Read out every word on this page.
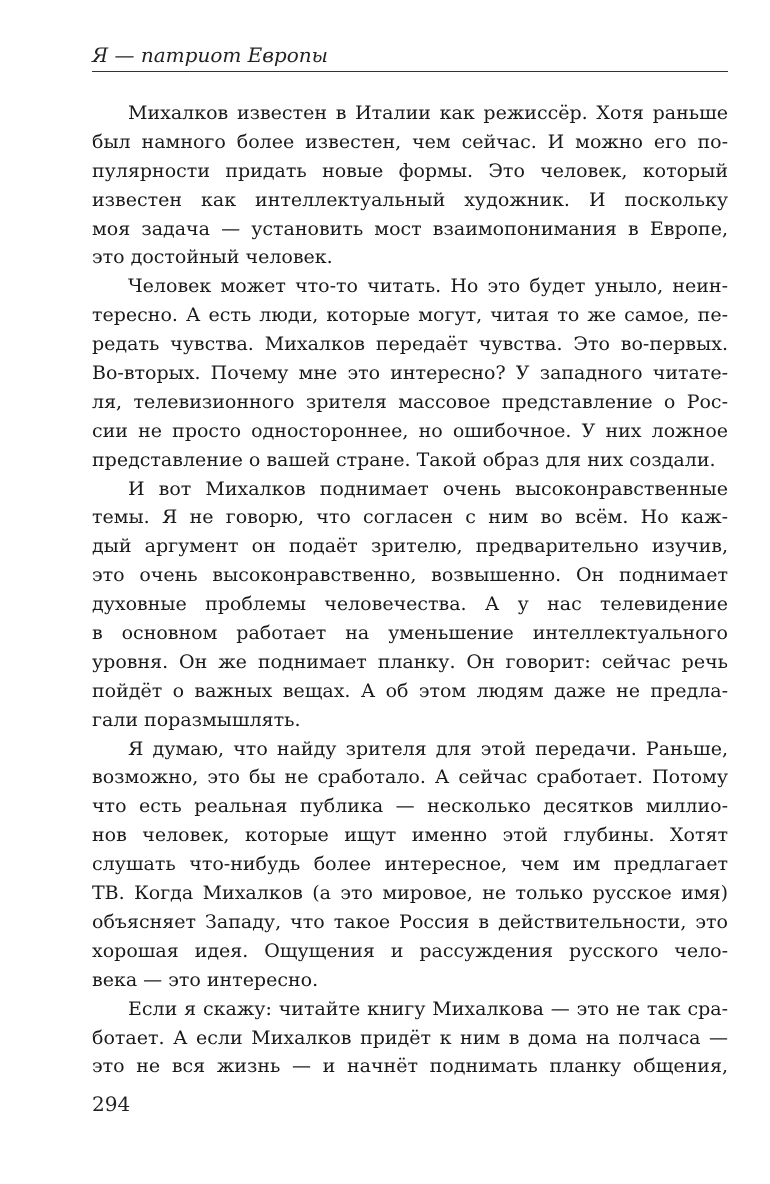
Я — патриот Европы
Михалков известен в Италии как режиссёр. Хотя раньше
был намного более известен, чем сейчас. И можно его по-
пулярности придать новые формы. Это человек, который
известен как интеллектуальный художник. И поскольку
моя задача — установить мост взаимопонимания в Европе,
это достойный человек.
Человек может что-то читать. Но это будет уныло, неин-
тересно. А есть люди, которые могут, читая то же самое, пе-
редать чувства. Михалков передаёт чувства. Это во-первых.
Во-вторых. Почему мне это интересно? У западного читате-
ля, телевизионного зрителя массовое представление о Рос-
сии не просто одностороннее, но ошибочное. У них ложное
представление о вашей стране. Такой образ для них создали.
И вот Михалков поднимает очень высоконравственные
темы. Я не говорю, что согласен с ним во всём. Но каж-
дый аргумент он подаёт зрителю, предварительно изучив,
это очень высоконравственно, возвышенно. Он поднимает
духовные проблемы человечества. А у нас телевидение
в основном работает на уменьшение интеллектуального
уровня. Он же поднимает планку. Он говорит: сейчас речь
пойдёт о важных вещах. А об этом людям даже не предла-
гали поразмышлять.
Я думаю, что найду зрителя для этой передачи. Раньше,
возможно, это бы не сработало. А сейчас сработает. Потому
что есть реальная публика — несколько десятков миллио-
нов человек, которые ищут именно этой глубины. Хотят
слушать что-нибудь более интересное, чем им предлагает
ТВ. Когда Михалков (а это мировое, не только русское имя)
объясняет Западу, что такое Россия в действительности, это
хорошая идея. Ощущения и рассуждения русского чело-
века — это интересно.
Если я скажу: читайте книгу Михалкова — это не так сра-
ботает. А если Михалков придёт к ним в дома на полчаса —
это не вся жизнь — и начнёт поднимать планку общения,
294
